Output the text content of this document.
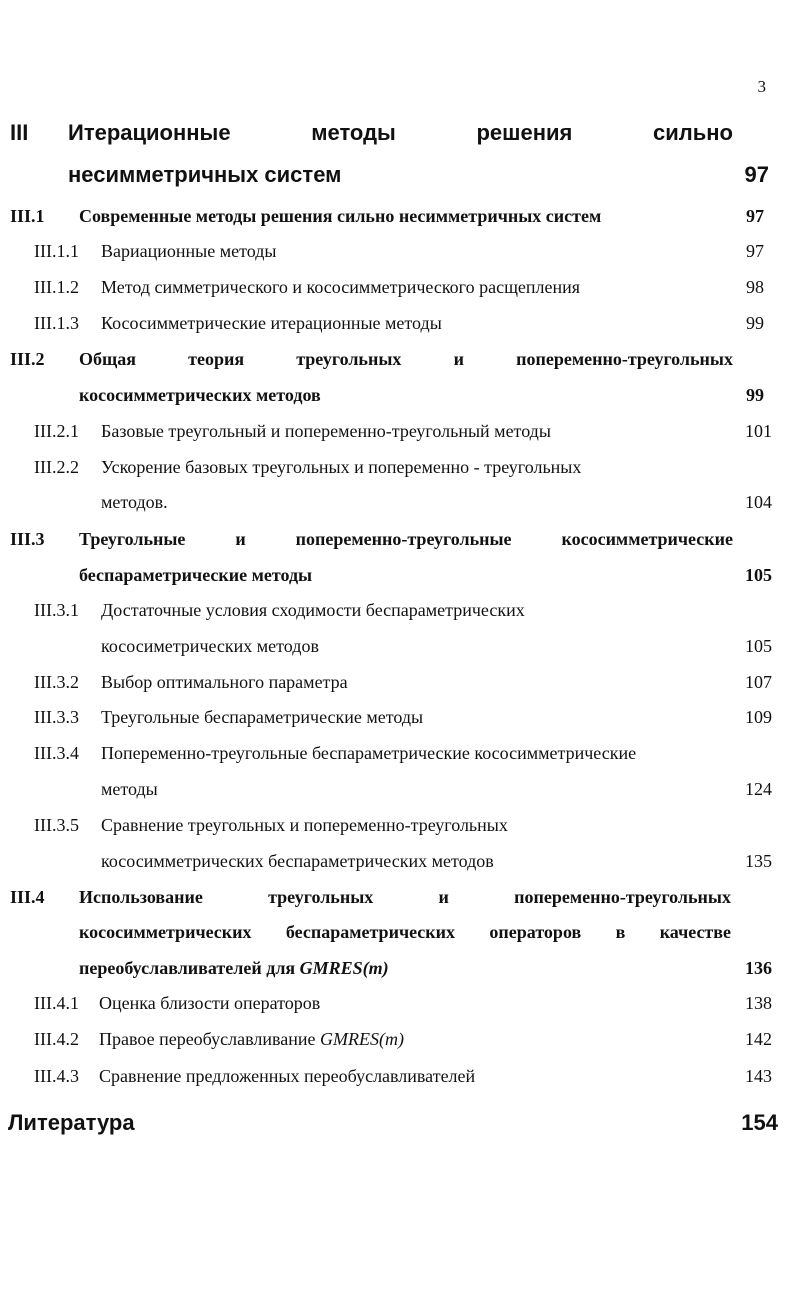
3
III Итерационные	методы	решения	сильно
несимметричных систем	97
III.1 Современные методы решения сильно несимметричных систем	97
III.1.1 Вариационные методы	97
III.1.2 Метод симметрического и кососимметрического расщепления	98
III.1.3 Кососимметрические итерационные методы	99
III.2 Общая	теория	треугольных	и	попеременно-треугольных
кососимметрических методов	99
III.2.1 Базовые треугольный и попеременно-треугольный методы	101
III.2.2 Ускорение базовых треугольных и попеременно - треугольных
методов.	104
III.3 Треугольные	и	попеременно-треугольные	кососимметрические
беспараметрические методы	105
III.3.1 Достаточные условия сходимости беспараметрических
кососимeтрических методов	105
III.3.2 Выбор оптимального параметра	107
III.3.3 Треугольные беспараметрические методы	109
III.3.4 Попеременно-треугольные беспараметрические кососимметрические
методы	124
III.3.5 Сравнение треугольных и попеременно-треугольных
кососимметрических беспараметрических методов	135
III.4 Использование	треугольных	и	попеременно-треугольных
кососимметрических беспараметрических операторов в качестве
переобуславливателей для GMRES(m)	136
III.4.1 Оценка близости операторов	138
III.4.2 Правое переобуславливание GMRES(m)	142
III.4.3 Сравнение предложенных переобуславливателей	143
Литература	154
